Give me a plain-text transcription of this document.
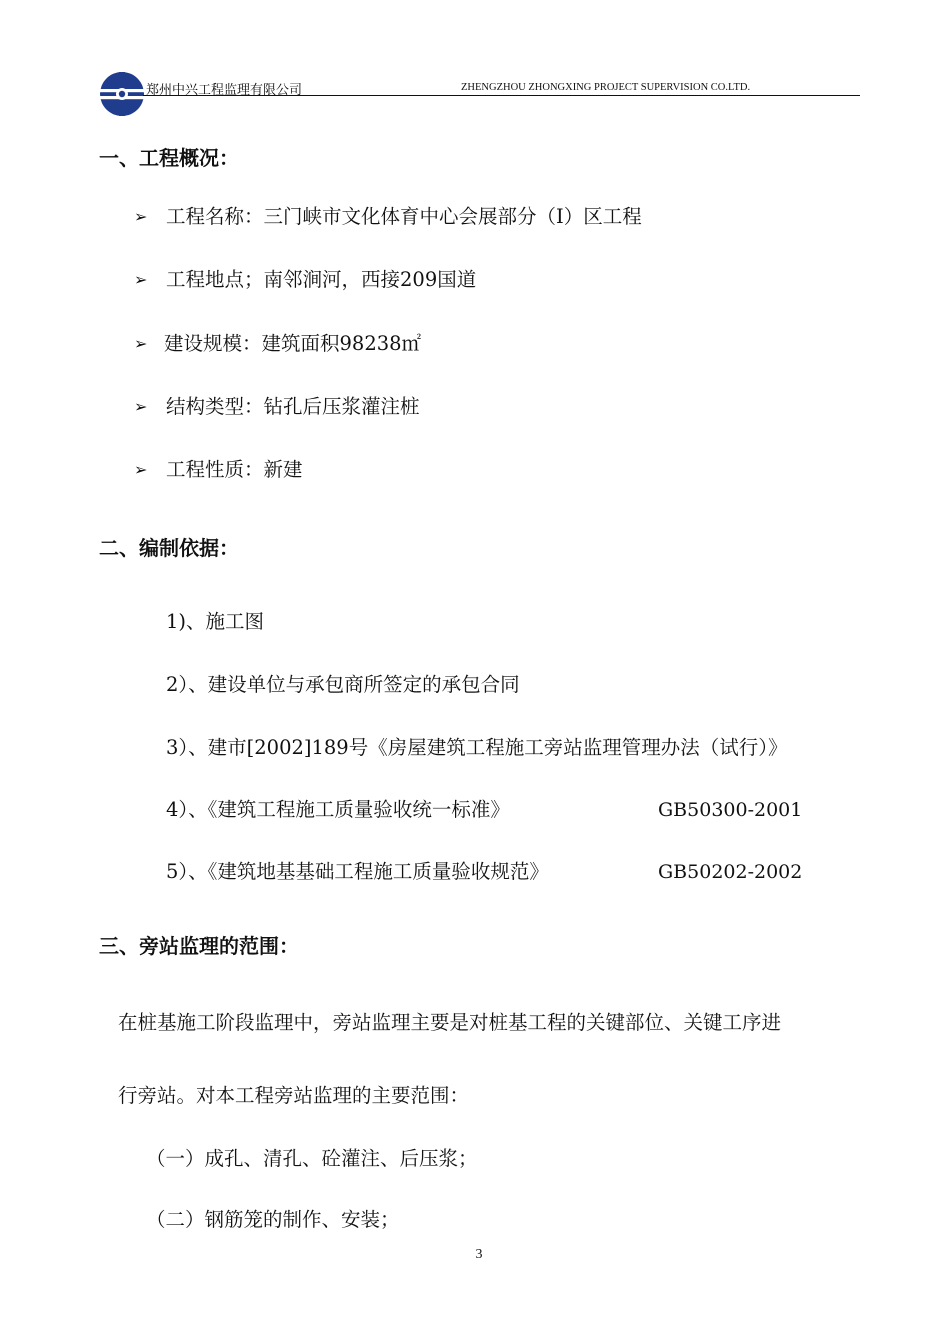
郑州中兴工程监理有限公司	ZHENGZHOU ZHONGXING PROJECT SUPERVISION CO.LTD.
一、工程概况：
➢ 工程名称：三门峡市文化体育中心会展部分（Ⅰ）区工程
➢ 工程地点；南邻涧河，西接209国道
➢ 建设规模：建筑面积98238㎡
➢ 结构类型：钻孔后压浆灌注桩
➢ 工程性质：新建
二、编制依据：
1)、施工图
2）、建设单位与承包商所签定的承包合同
3）、建市[2002]189号《房屋建筑工程施工旁站监理管理办法（试行）》
4）、《建筑工程施工质量验收统一标准》	GB50300-2001
5）、《建筑地基基础工程施工质量验收规范》	GB50202-2002
三、旁站监理的范围：
在桩基施工阶段监理中，旁站监理主要是对桩基工程的关键部位、关键工序进
行旁站。对本工程旁站监理的主要范围：
（一）成孔、清孔、砼灌注、后压浆；
（二）钢筋笼的制作、安装；
3
